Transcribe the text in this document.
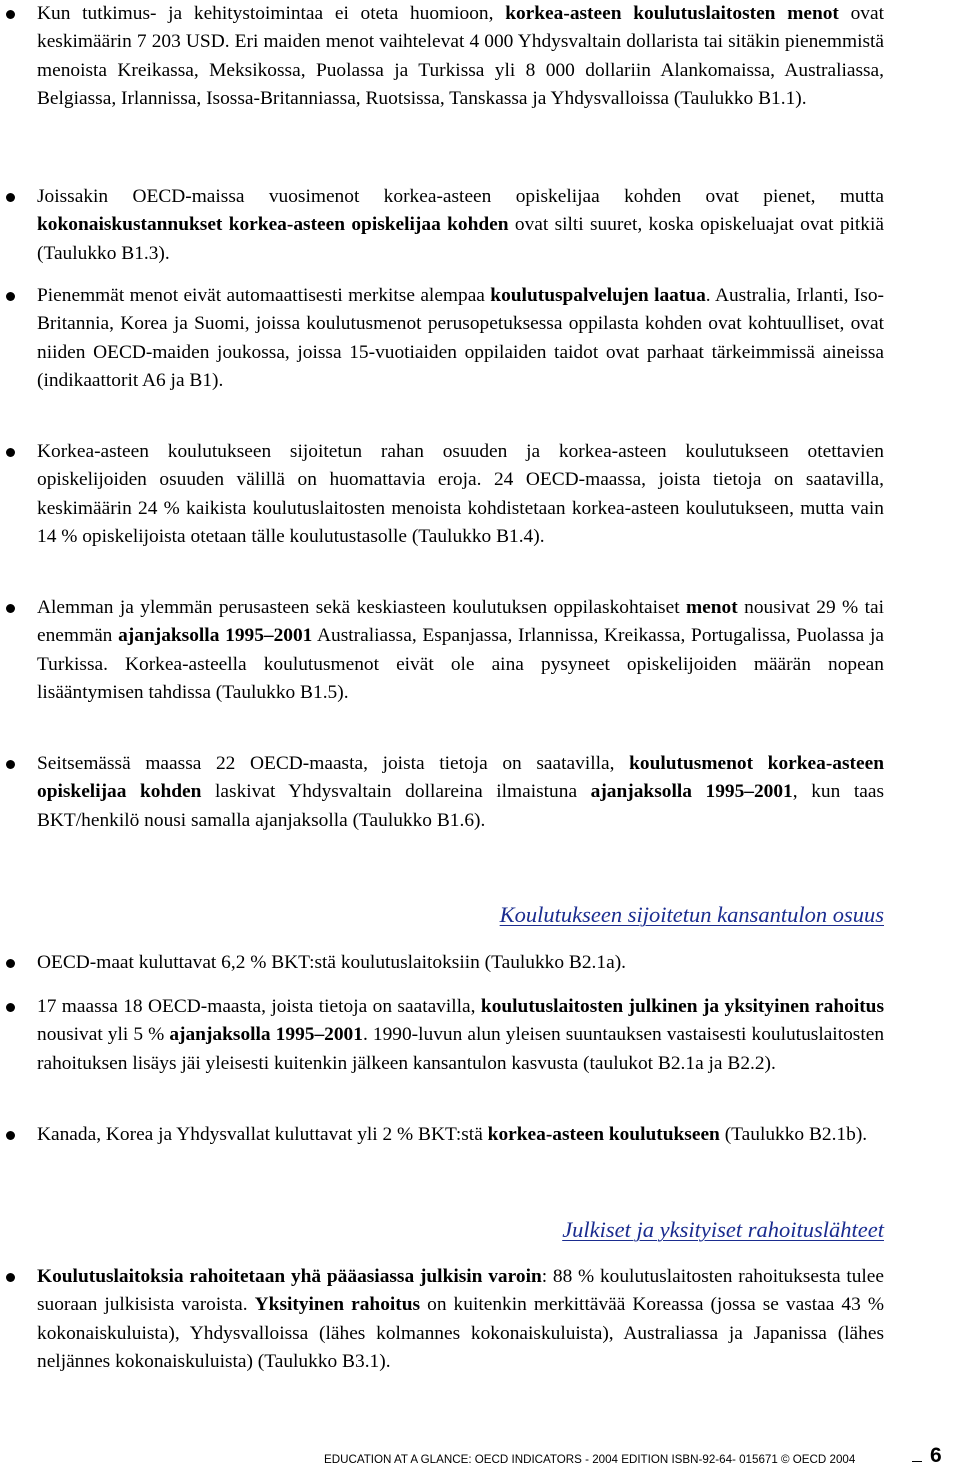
Kun tutkimus- ja kehitystoimintaa ei oteta huomioon, korkea-asteen koulutuslaitosten menot ovat keskimäärin 7 203 USD. Eri maiden menot vaihtelevat 4 000 Yhdysvaltain dollarista tai sitäkin pienemmistä menoista Kreikassa, Meksikossa, Puolassa ja Turkissa yli 8 000 dollariin Alankomaissa, Australiassa, Belgiassa, Irlannissa, Isossa-Britanniassa, Ruotsissa, Tanskassa ja Yhdysvalloissa (Taulukko B1.1).
Joissakin OECD-maissa vuosimenot korkea-asteen opiskelijaa kohden ovat pienet, mutta kokonaiskustannukset korkea-asteen opiskelijaa kohden ovat silti suuret, koska opiskeluajat ovat pitkiä (Taulukko B1.3).
Pienemmät menot eivät automaattisesti merkitse alempaa koulutuspalvelujen laatua. Australia, Irlanti, Iso-Britannia, Korea ja Suomi, joissa koulutusmenot perusopetuksessa oppilasta kohden ovat kohtuulliset, ovat niiden OECD-maiden joukossa, joissa 15-vuotiaiden oppilaiden taidot ovat parhaat tärkeimmissä aineissa (indikaattorit A6 ja B1).
Korkea-asteen koulutukseen sijoitetun rahan osuuden ja korkea-asteen koulutukseen otettavien opiskelijoiden osuuden välillä on huomattavia eroja. 24 OECD-maassa, joista tietoja on saatavilla, keskimäärin 24 % kaikista koulutuslaitosten menoista kohdistetaan korkea-asteen koulutukseen, mutta vain 14 % opiskelijoista otetaan tälle koulutustasolle (Taulukko B1.4).
Alemman ja ylemmän perusasteen sekä keskiasteen koulutuksen oppilaskohtaiset menot nousivat 29 % tai enemmän ajanjaksolla 1995–2001 Australiassa, Espanjassa, Irlannissa, Kreikassa, Portugalissa, Puolassa ja Turkissa. Korkea-asteella koulutusmenot eivät ole aina pysyneet opiskelijoiden määrän nopean lisääntymisen tahdissa (Taulukko B1.5).
Seitsemässä maassa 22 OECD-maasta, joista tietoja on saatavilla, koulutusmenot korkea-asteen opiskelijaa kohden laskivat Yhdysvaltain dollareina ilmaistuna ajanjaksolla 1995–2001, kun taas BKT/henkilö nousi samalla ajanjaksolla (Taulukko B1.6).
Koulutukseen sijoitetun kansantulon osuus
OECD-maat kuluttavat 6,2 % BKT:stä koulutuslaitoksiin (Taulukko B2.1a).
17 maassa 18 OECD-maasta, joista tietoja on saatavilla, koulutuslaitosten julkinen ja yksityinen rahoitus nousivat yli 5 % ajanjaksolla 1995–2001. 1990-luvun alun yleisen suuntauksen vastaisesti koulutuslaitosten rahoituksen lisäys jäi yleisesti kuitenkin jälkeen kansantulon kasvusta (taulukot B2.1a ja B2.2).
Kanada, Korea ja Yhdysvallat kuluttavat yli 2 % BKT:stä korkea-asteen koulutukseen (Taulukko B2.1b).
Julkiset ja yksityiset rahoituslähteet
Koulutuslaitoksia rahoitetaan yhä pääasiassa julkisin varoin: 88 % koulutuslaitosten rahoituksesta tulee suoraan julkisista varoista. Yksityinen rahoitus on kuitenkin merkittävää Koreassa (jossa se vastaa 43 % kokonaiskuluista), Yhdysvalloissa (lähes kolmannes kokonaiskuluista), Australiassa ja Japanissa (lähes neljännes kokonaiskuluista) (Taulukko B3.1).
EDUCATION AT A GLANCE: OECD INDICATORS - 2004 EDITION ISBN-92-64- 015671 © OECD 2004	6
